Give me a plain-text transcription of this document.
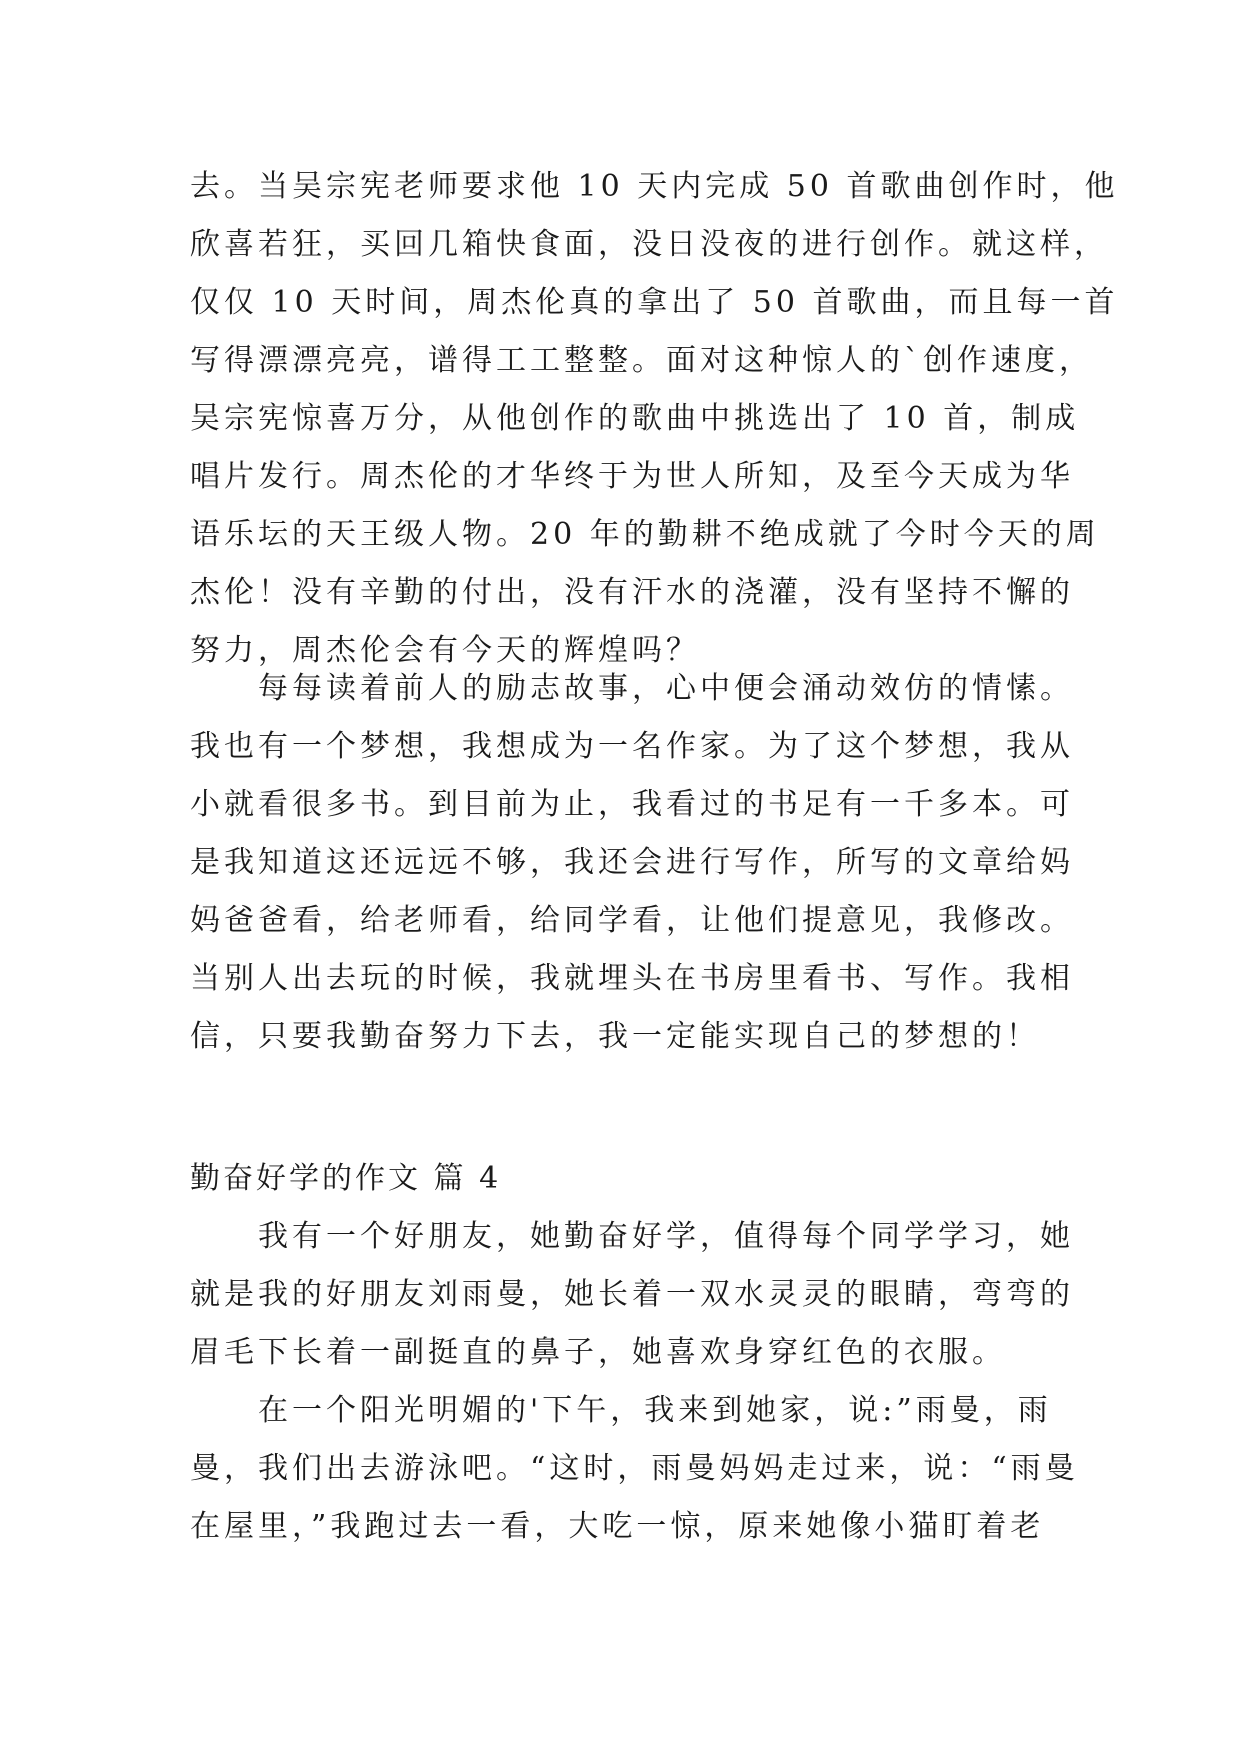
去。当吴宗宪老师要求他 10 天内完成 50 首歌曲创作时，他
欣喜若狂，买回几箱快食面，没日没夜的进行创作。就这样，
仅仅 10 天时间，周杰伦真的拿出了 50 首歌曲，而且每一首
写得漂漂亮亮，谱得工工整整。面对这种惊人的`创作速度，
吴宗宪惊喜万分，从他创作的歌曲中挑选出了 10 首，制成
唱片发行。周杰伦的才华终于为世人所知，及至今天成为华
语乐坛的天王级人物。20 年的勤耕不绝成就了今时今天的周
杰伦！没有辛勤的付出，没有汗水的浇灌，没有坚持不懈的
努力，周杰伦会有今天的辉煌吗？
每每读着前人的励志故事，心中便会涌动效仿的情愫。
我也有一个梦想，我想成为一名作家。为了这个梦想，我从
小就看很多书。到目前为止，我看过的书足有一千多本。可
是我知道这还远远不够，我还会进行写作，所写的文章给妈
妈爸爸看，给老师看，给同学看，让他们提意见，我修改。
当别人出去玩的时候，我就埋头在书房里看书、写作。我相
信，只要我勤奋努力下去，我一定能实现自己的梦想的！
勤奋好学的作文 篇 4
我有一个好朋友，她勤奋好学，值得每个同学学习，她
就是我的好朋友刘雨曼，她长着一双水灵灵的眼睛，弯弯的
眉毛下长着一副挺直的鼻子，她喜欢身穿红色的衣服。
在一个阳光明媚的'下午，我来到她家，说:”雨曼，雨
曼，我们出去游泳吧。“这时，雨曼妈妈走过来，说：“雨曼
在屋里，”我跑过去一看，大吃一惊，原来她像小猫盯着老
